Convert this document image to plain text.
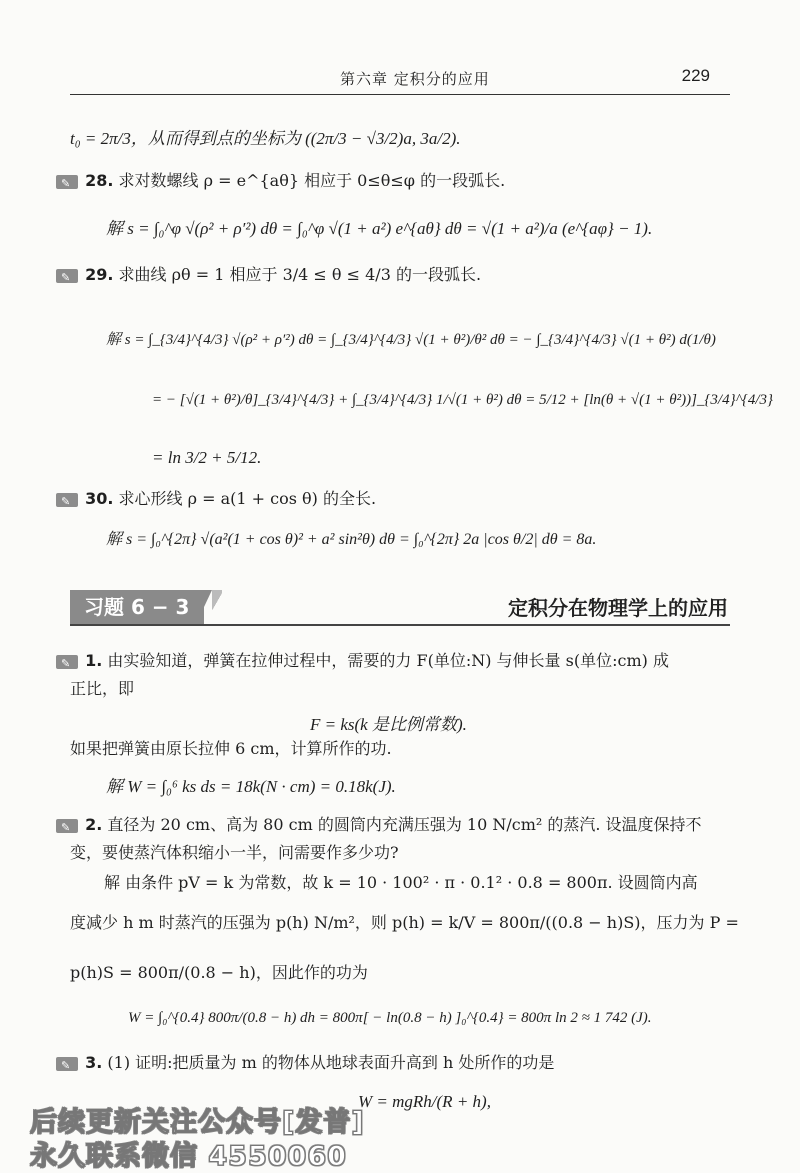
第六章 定积分的应用	229
t₀ = 2π/3，从而得到点的坐标为 ((2π/3 − √3/2)a, 3a/2).
✎ 28. 求对数螺线 ρ = e^{aθ} 相应于 0≤θ≤φ 的一段弧长.
解 s = ∫₀^φ √(ρ² + ρ′²) dθ = ∫₀^φ √(1 + a²) e^{aθ} dθ = √(1 + a²)/a (e^{aφ} − 1).
✎ 29. 求曲线 ρθ = 1 相应于 3/4 ≤ θ ≤ 4/3 的一段弧长.
解 s = ∫_{3/4}^{4/3} √(ρ² + ρ′²) dθ = ∫_{3/4}^{4/3} √(1 + θ²)/θ² dθ = − ∫_{3/4}^{4/3} √(1 + θ²) d(1/θ)
= − [√(1 + θ²)/θ]_{3/4}^{4/3} + ∫_{3/4}^{4/3} 1/√(1 + θ²) dθ = 5/12 + [ln(θ + √(1 + θ²))]_{3/4}^{4/3}
= ln 3/2 + 5/12.
✎ 30. 求心形线 ρ = a(1 + cos θ) 的全长.
解 s = ∫₀^{2π} √(a²(1 + cos θ)² + a² sin²θ) dθ = ∫₀^{2π} 2a |cos θ/2| dθ = 8a.
习题 6 − 3	定积分在物理学上的应用
✎ 1. 由实验知道，弹簧在拉伸过程中，需要的力 F(单位:N) 与伸长量 s(单位:cm) 成
正比，即
F = ks(k 是比例常数).
如果把弹簧由原长拉伸 6 cm，计算所作的功.
解 W = ∫₀⁶ ks ds = 18k(N · cm) = 0.18k(J).
✎ 2. 直径为 20 cm、高为 80 cm 的圆筒内充满压强为 10 N/cm² 的蒸汽. 设温度保持不
变，要使蒸汽体积缩小一半，问需要作多少功?
解 由条件 pV = k 为常数，故 k = 10 · 100² · π · 0.1² · 0.8 = 800π. 设圆筒内高
度减少 h m 时蒸汽的压强为 p(h) N/m²，则 p(h) = k/V = 800π/((0.8 − h)S)，压力为 P =
p(h)S = 800π/(0.8 − h)，因此作的功为
W = ∫₀^{0.4} 800π/(0.8 − h) dh = 800π[ − ln(0.8 − h) ]₀^{0.4} = 800π ln 2 ≈ 1 742 (J).
✎ 3. (1) 证明:把质量为 m 的物体从地球表面升高到 h 处所作的功是
W = mgRh/(R + h),
后续更新关注公众号[发普]
永久联系微信 4550060
